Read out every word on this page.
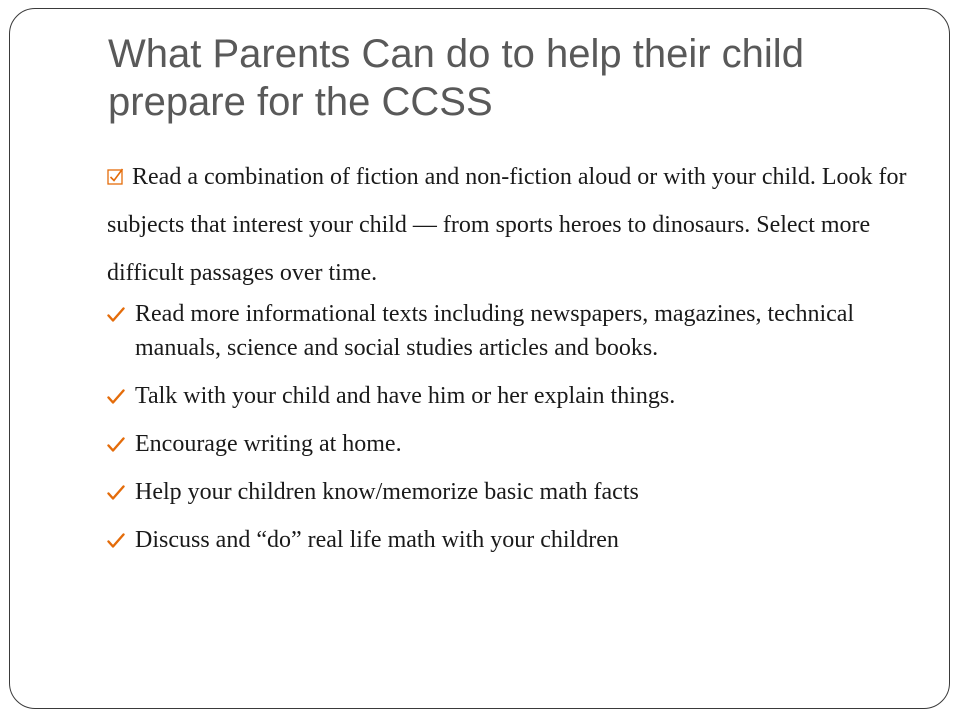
What Parents Can do to help their child prepare for the CCSS

Read a combination of fiction and non-fiction aloud or with your child. Look for subjects that interest your child — from sports heroes to dinosaurs. Select more difficult passages over time.

Read more informational texts including newspapers, magazines, technical manuals, science and social studies articles and books.
Talk with your child and have him or her explain things.
Encourage writing at home.
Help your children know/memorize basic math facts
Discuss and “do” real life math with your children
